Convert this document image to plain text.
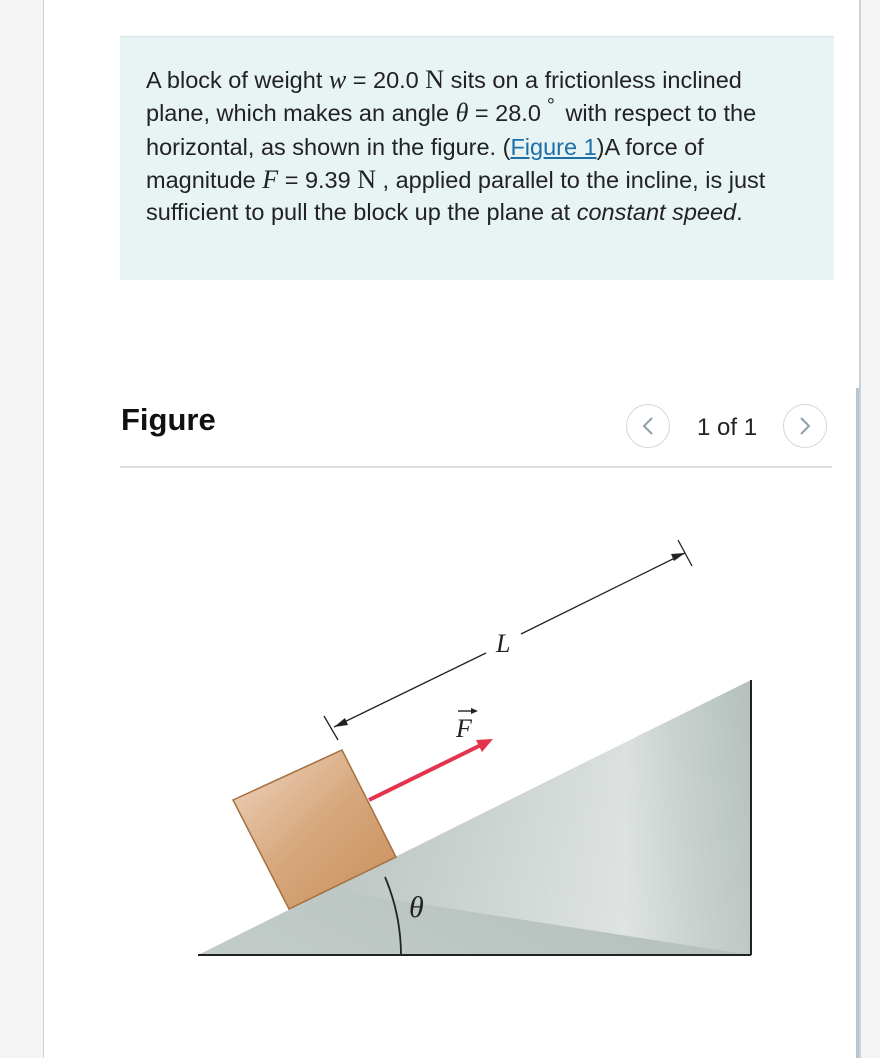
A block of weight w = 20.0 N sits on a frictionless inclined plane, which makes an angle θ = 28.0 ° with respect to the horizontal, as shown in the figure. (Figure 1)A force of magnitude F = 9.39 N , applied parallel to the incline, is just sufficient to pull the block up the plane at constant speed.

Figure	1 of 1
θ
F
L
